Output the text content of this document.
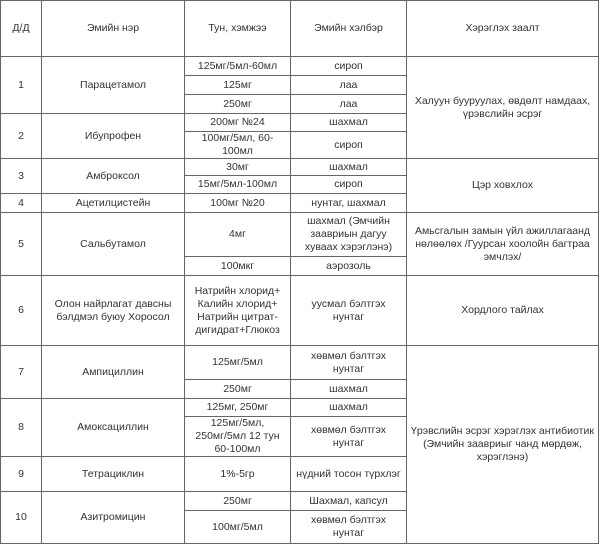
Д/Д	Эмийн нэр	Тун, хэмжээ	Эмийн хэлбэр	Хэрэглэх заалт
1	Парацетамол	125мг/5мл-60мл	сироп	Халуун бууруулах, өвдөлт намдаах, үрэвслийн эсрэг
		125мг	лаа	
		250мг	лаа	
2	Ибупрофен	200мг №24	шахмал	
		100мг/5мл, 60-100мл	сироп	
3	Амброксол	30мг	шахмал	Цэр ховхлох
		15мг/5мл-100мл	сироп	
4	Ацетилцистейн	100мг №20	нунтаг, шахмал	
5	Сальбутамол	4мг	шахмал (Эмчийн заавриын дагуу хуваах хэрэглэнэ)	Амьсгалын замын үйл ажиллагаанд нөлөөлөх /Гуурсан хоолойн багтраа эмчлэх/
		100мкг	аэрозоль	
6	Олон найрлагат давсны бэлдмэл буюу Хоросол	Натрийн хлорид+ Калийн хлорид+ Натрийн цитрат-дигидрат+Глюкоз	уусмал бэлтгэх нунтаг	Хордлого тайлах
7	Ампициллин	125мг/5мл	хөвмөл бэлтгэх нунтаг	Үрэвслийн эсрэг хэрэглэх антибиотик (Эмчийн заавриыг чанд мөрдөж, хэрэглэнэ)
		250мг	шахмал	
8	Амоксациллин	125мг, 250мг	шахмал	
		125мг/5мл, 250мг/5мл 12 тун 60-100мл	хөвмөл бэлтгэх нунтаг	
9	Тетрациклин	1%-5гр	нүдний тосон түрхлэг	
10	Азитромицин	250мг	Шахмал, капсул	
		100мг/5мл	хөвмөл бэлтгэх нунтаг	
